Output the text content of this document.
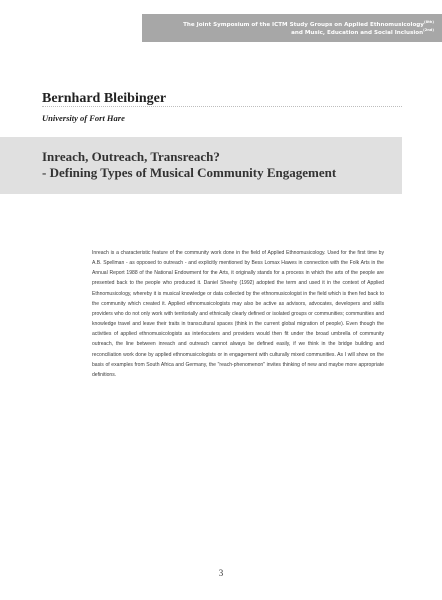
The Joint Symposium of the ICTM Study Groups on Applied Ethnomusicology$^{(8th)}$
and Music, Education and Social Inclusion$^{(2nd)}$
Bernhard Bleibinger
University of Fort Hare
Inreach, Outreach, Transreach?
- Defining Types of Musical Community Engagement

Inreach is a characteristic feature of the community work done in the field of Applied Ethnomusicology. Used for the first time by A.B. Spellman - as opposed to outreach - and explicitly mentioned by Bess Lomax Hawes in connection with the Folk Arts in the Annual Report 1988 of the National Endowment for the Arts, it originally stands for a process in which the arts of the people are presented back to the people who produced it. Daniel Sheehy (1992) adopted the term and used it in the context of Applied Ethnomusicology, whereby it is musical knowledge or data collected by the ethnomusicologist in the field which is then fed back to the community which created it. Applied ethnomusicologists may also be active as advisors, advocates, developers and skills providers who do not only work with territorially and ethnically clearly defined or isolated groups or communities; communities and knowledge travel and leave their traits in transcultural spaces (think in the current global migration of people). Even though the activities of applied ethnomusicologists as interlocuters and providers would then fit under the broad umbrella of community outreach, the line between inreach and outreach cannot always be defined easily, if we think in the bridge building and reconciliation work done by applied ethnomusicologists or in engagement with culturally mixed communities. As I will show on the basis of examples from South Africa and Germany, the "reach-phenomenon" invites thinking of new and maybe more appropriate definitions.

3
